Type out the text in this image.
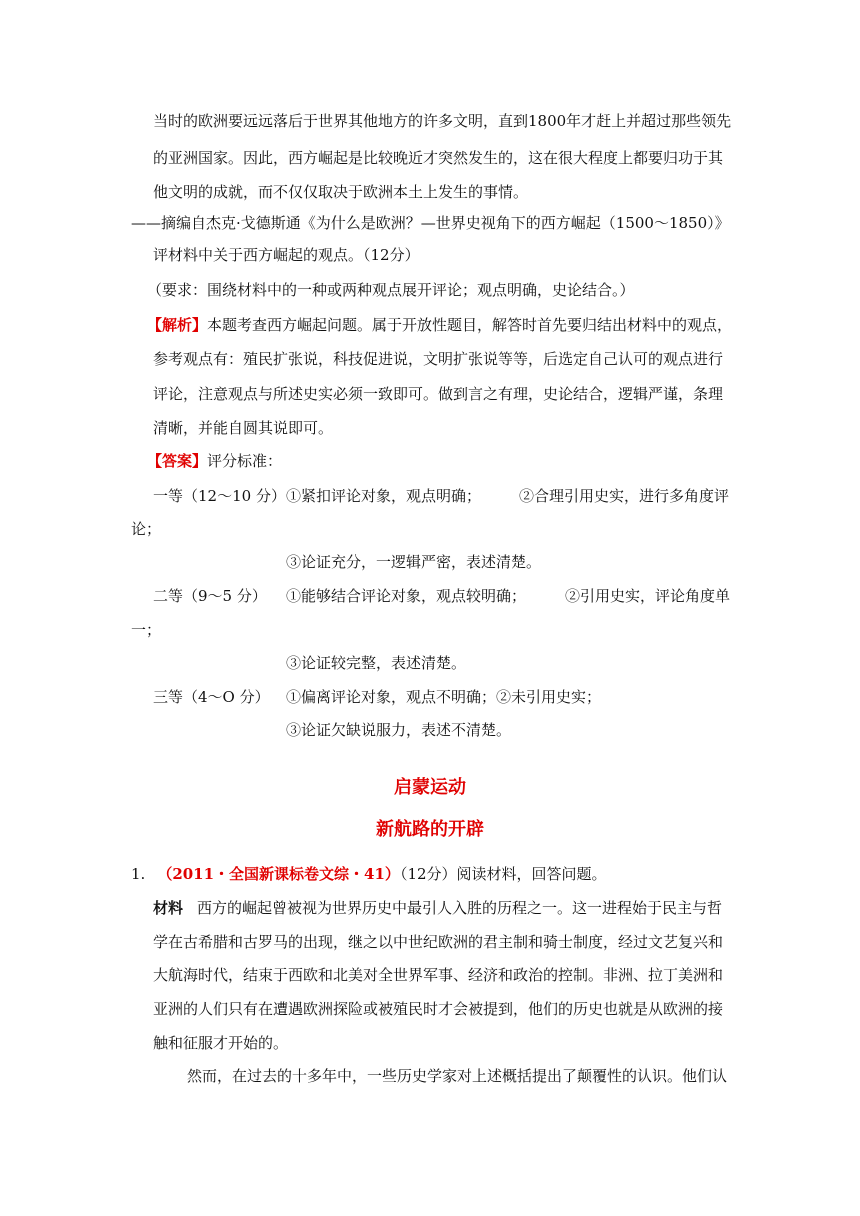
当时的欧洲要远远落后于世界其他地方的许多文明，直到1800年才赶上并超过那些领先
的亚洲国家。因此，西方崛起是比较晚近才突然发生的，这在很大程度上都要归功于其
他文明的成就，而不仅仅取决于欧洲本土上发生的事情。
——摘编自杰克·戈德斯通《为什么是欧洲？—世界史视角下的西方崛起（1500～1850）》
评材料中关于西方崛起的观点。（12分）
（要求：围绕材料中的一种或两种观点展开评论；观点明确，史论结合。）
【解析】本题考查西方崛起问题。属于开放性题目，解答时首先要归结出材料中的观点，
参考观点有：殖民扩张说，科技促进说，文明扩张说等等，后选定自己认可的观点进行
评论，注意观点与所述史实必须一致即可。做到言之有理，史论结合，逻辑严谨，条理
清晰，并能自圆其说即可。
【答案】评分标准：
一等（12～10 分） ①紧扣评论对象，观点明确；	②合理引用史实，进行多角度评
论；
③论证充分，一逻辑严密，表述清楚。
二等（9～5 分） ①能够结合评论对象，观点较明确；	②引用史实，评论角度单
一；
③论证较完整，表述清楚。
三等（4～O 分） ①偏离评论对象，观点不明确；②未引用史实；
③论证欠缺说服力，表述不清楚。
启蒙运动
新航路的开辟
1. （2011・全国新课标卷文综・41）（12分）阅读材料，回答问题。
材料 西方的崛起曾被视为世界历史中最引人入胜的历程之一。这一进程始于民主与哲
学在古希腊和古罗马的出现，继之以中世纪欧洲的君主制和骑士制度，经过文艺复兴和
大航海时代，结束于西欧和北美对全世界军事、经济和政治的控制。非洲、拉丁美洲和
亚洲的人们只有在遭遇欧洲探险或被殖民时才会被提到，他们的历史也就是从欧洲的接
触和征服才开始的。
然而，在过去的十多年中，一些历史学家对上述概括提出了颠覆性的认识。他们认
